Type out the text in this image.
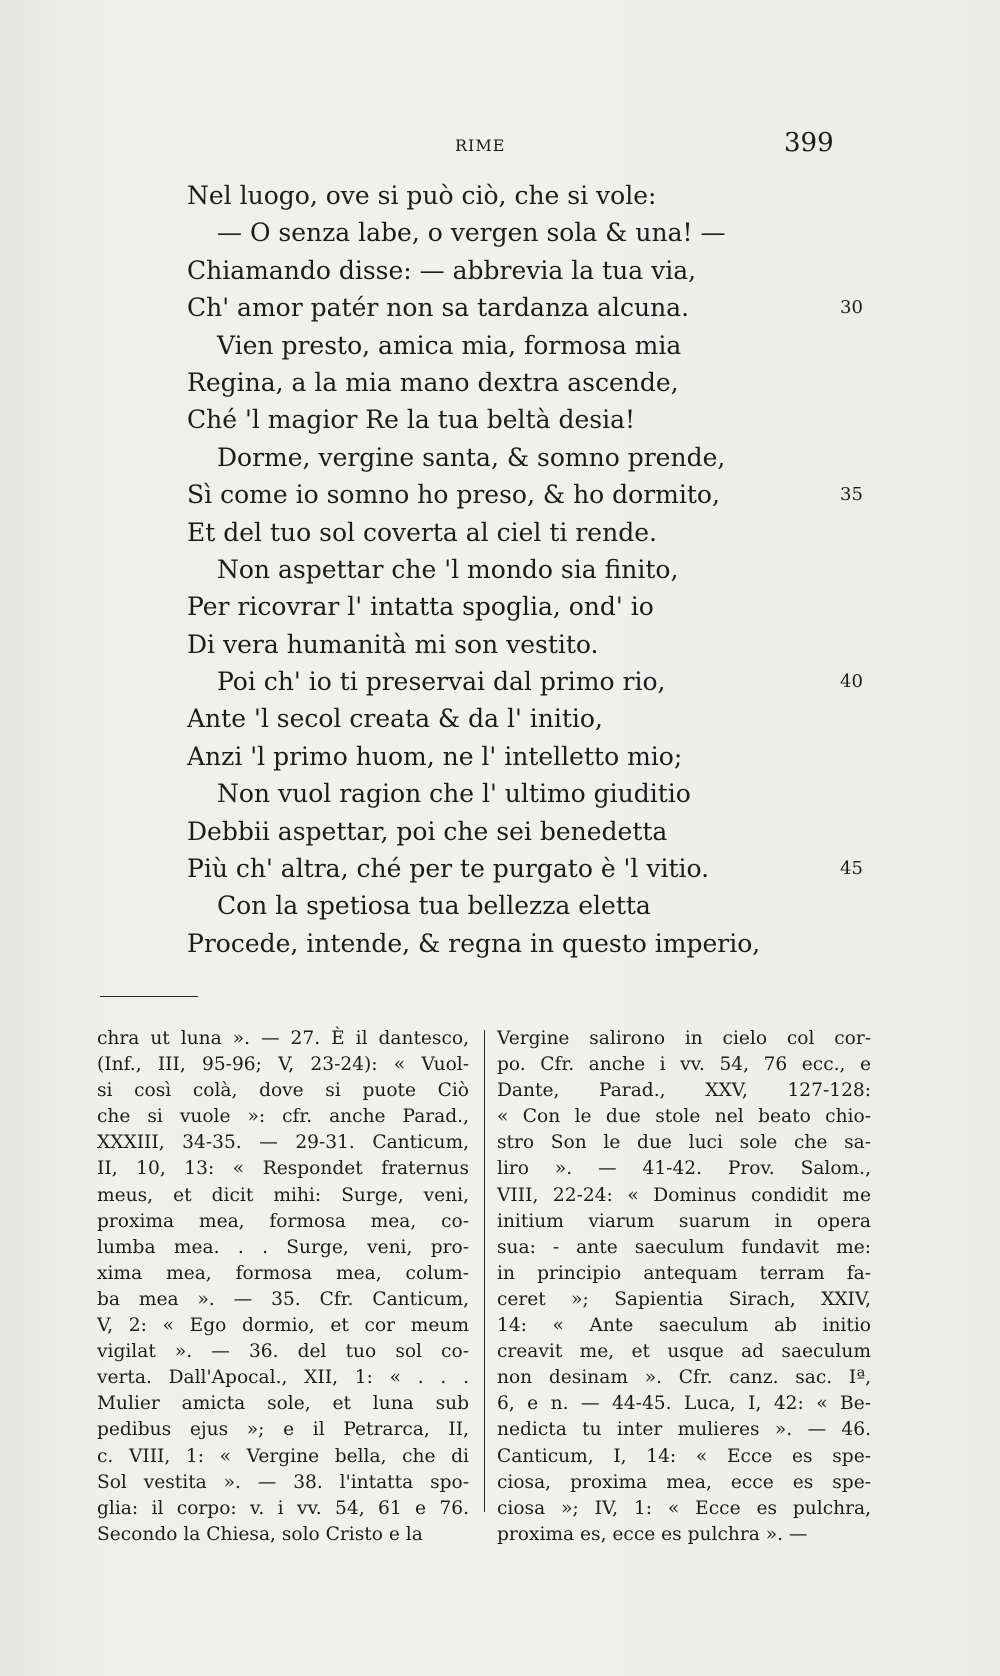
RIME	399
Nel luogo, ove si può ciò, che si vole:
— O senza labe, o vergen sola & una! —
Chiamando disse: — abbrevia la tua via,
Ch' amor patér non sa tardanza alcuna.	30
Vien presto, amica mia, formosa mia
Regina, a la mia mano dextra ascende,
Ché 'l magior Re la tua beltà desia!
Dorme, vergine santa, & somno prende,
Sì come io somno ho preso, & ho dormito,	35
Et del tuo sol coverta al ciel ti rende.
Non aspettar che 'l mondo sia finito,
Per ricovrar l' intatta spoglia, ond' io
Di vera humanità mi son vestito.
Poi ch' io ti preservai dal primo rio,	40
Ante 'l secol creata & da l' initio,
Anzi 'l primo huom, ne l' intelletto mio;
Non vuol ragion che l' ultimo giuditio
Debbii aspettar, poi che sei benedetta
Più ch' altra, ché per te purgato è 'l vitio.	45
Con la spetiosa tua bellezza eletta
Procede, intende, & regna in questo imperio,
chra ut luna ». — 27. È il dantesco,
(Inf., III, 95-96; V, 23-24): « Vuol-
si così colà, dove si puote Ciò
che si vuole »: cfr. anche Parad.,
XXXIII, 34-35. — 29-31. Canticum,
II, 10, 13: « Respondet fraternus
meus, et dicit mihi: Surge, veni,
proxima mea, formosa mea, co-
lumba mea. . . Surge, veni, pro-
xima mea, formosa mea, colum-
ba mea ». — 35. Cfr. Canticum,
V, 2: « Ego dormio, et cor meum
vigilat ». — 36. del tuo sol co-
verta. Dall'Apocal., XII, 1: « . . .
Mulier amicta sole, et luna sub
pedibus ejus »; e il Petrarca, II,
c. VIII, 1: « Vergine bella, che di
Sol vestita ». — 38. l'intatta spo-
glia: il corpo: v. i vv. 54, 61 e 76.
Secondo la Chiesa, solo Cristo e la
Vergine salirono in cielo col cor-
po. Cfr. anche i vv. 54, 76 ecc., e
Dante, Parad., XXV, 127-128:
« Con le due stole nel beato chio-
stro Son le due luci sole che sa-
liro ». — 41-42. Prov. Salom.,
VIII, 22-24: « Dominus condidit me
initium viarum suarum in opera
sua: - ante saeculum fundavit me:
in principio antequam terram fa-
ceret »; Sapientia Sirach, XXIV,
14: « Ante saeculum ab initio
creavit me, et usque ad saeculum
non desinam ». Cfr. canz. sac. Iª,
6, e n. — 44-45. Luca, I, 42: « Be-
nedicta tu inter mulieres ». — 46.
Canticum, I, 14: « Ecce es spe-
ciosa, proxima mea, ecce es spe-
ciosa »; IV, 1: « Ecce es pulchra,
proxima es, ecce es pulchra ». —
